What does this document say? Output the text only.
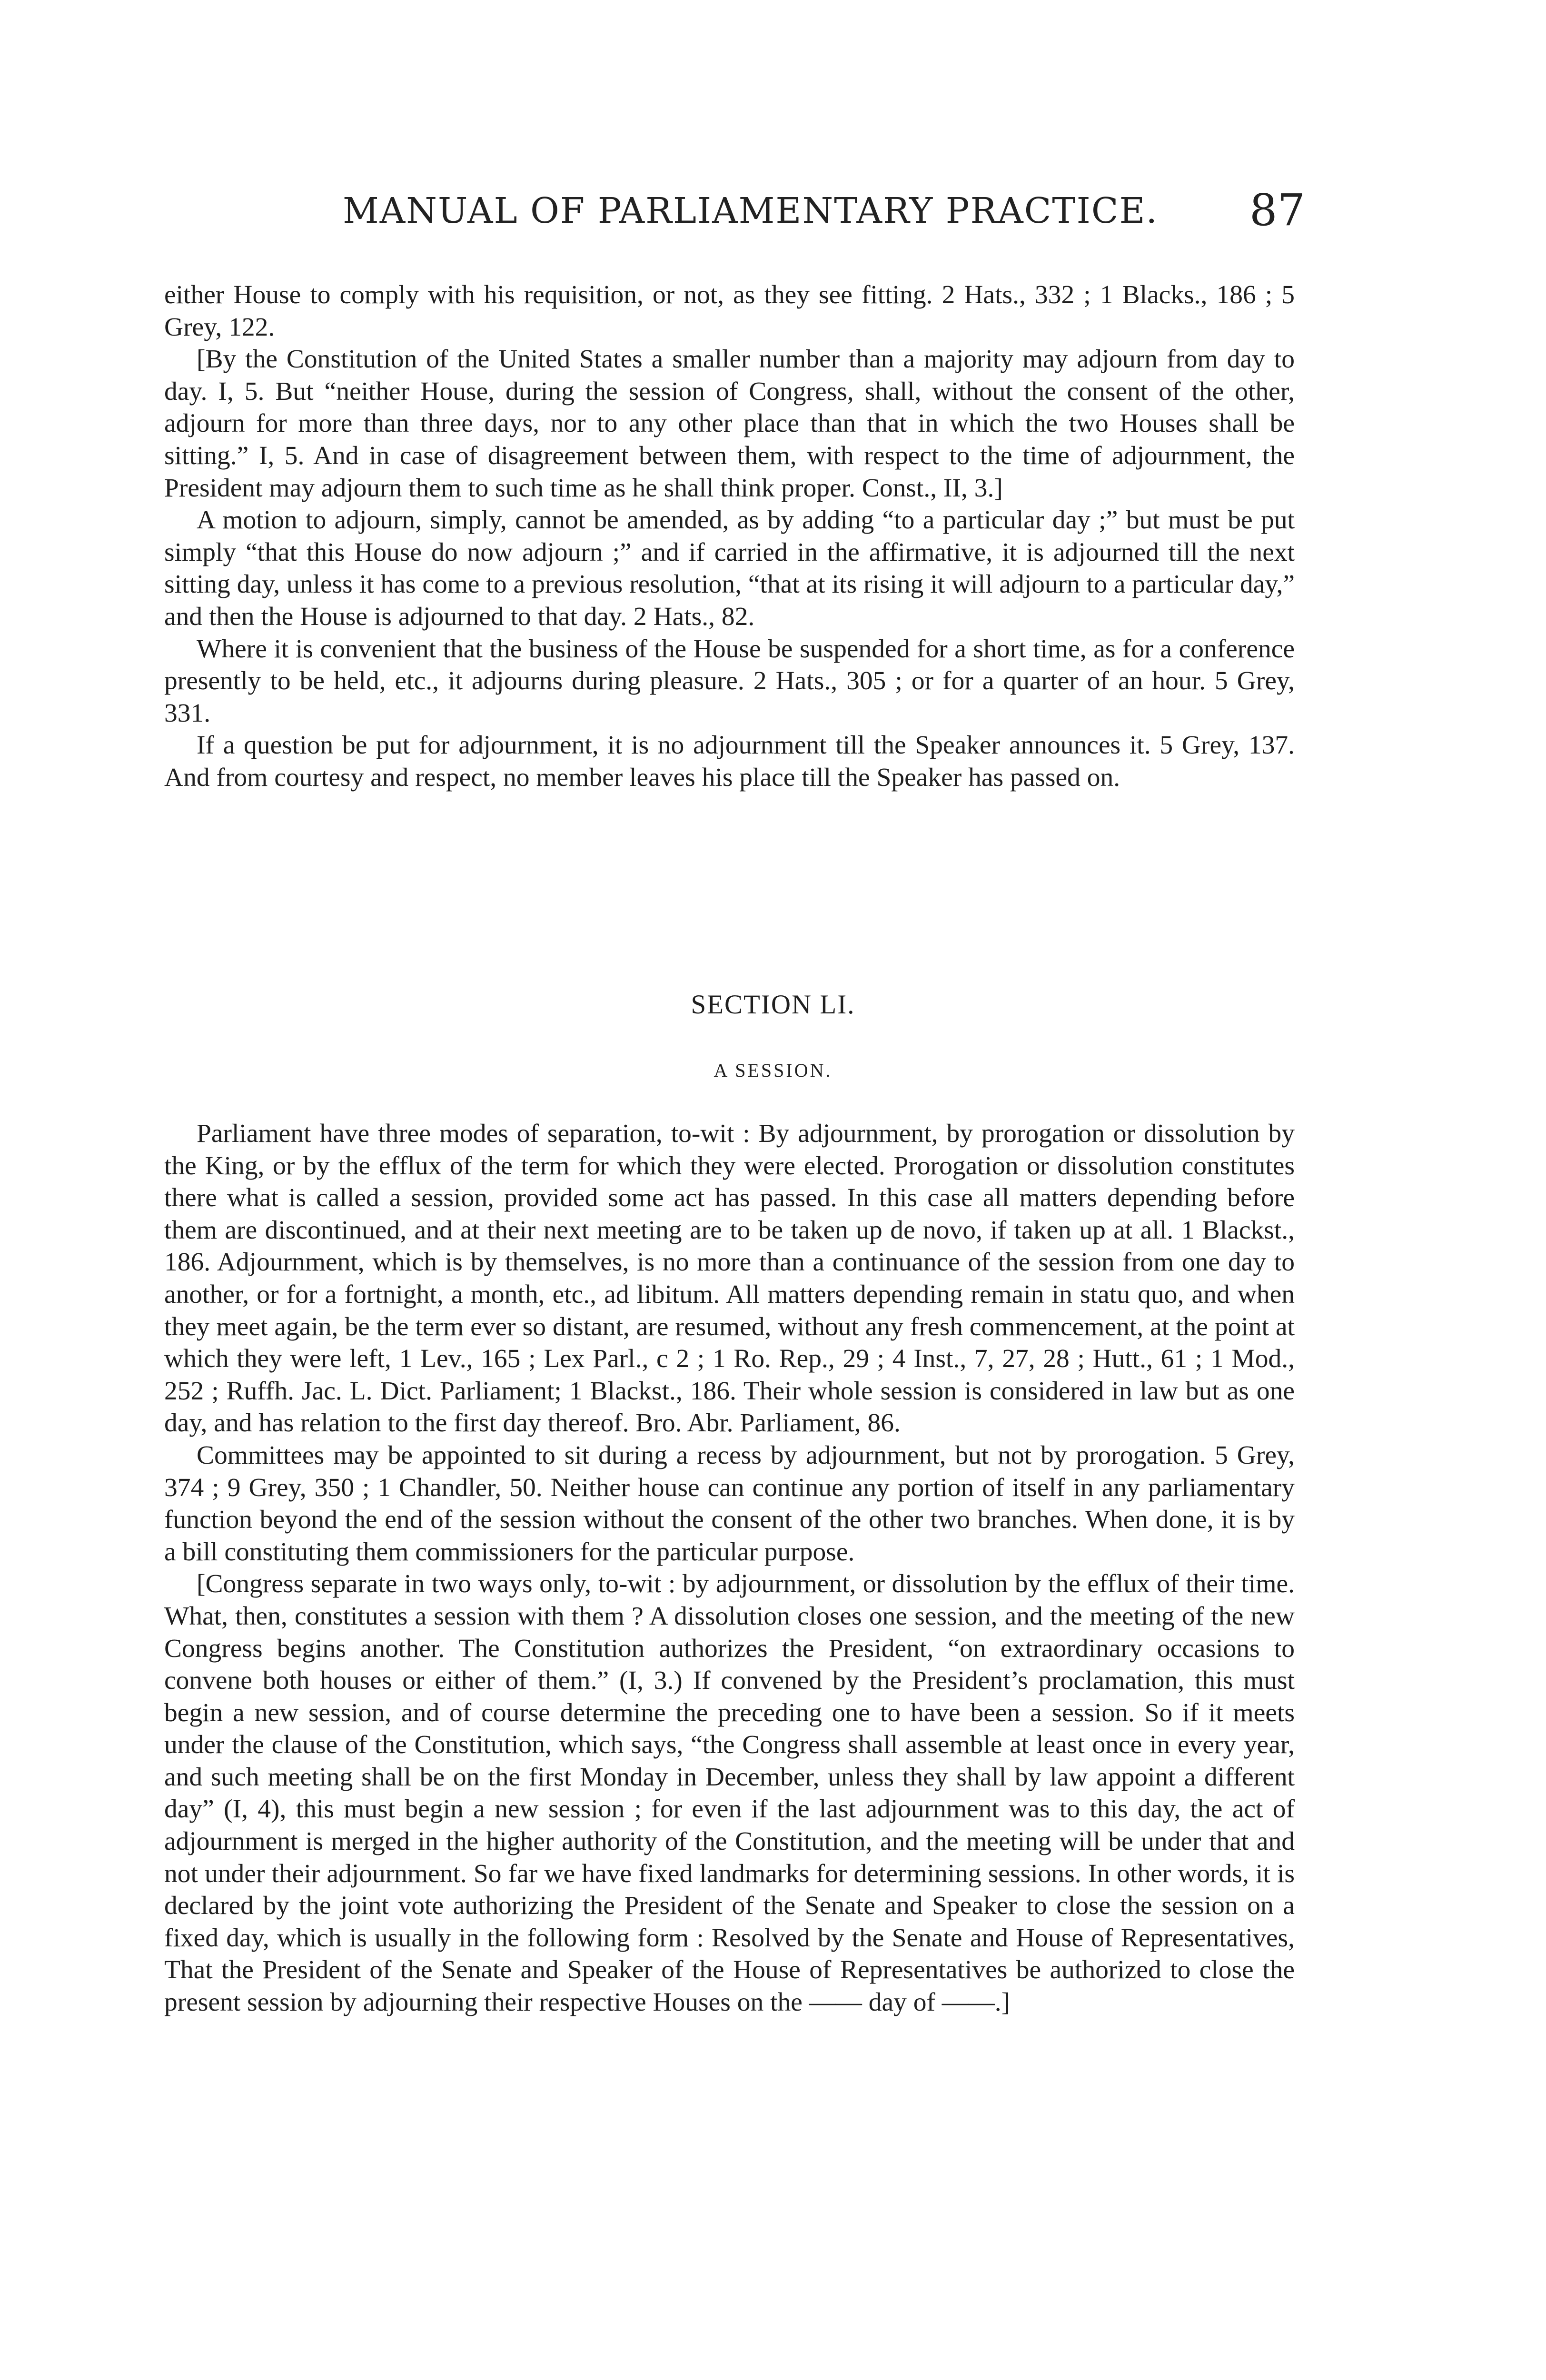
MANUAL OF PARLIAMENTARY PRACTICE. 87

either House to comply with his requisition, or not, as they see fitting. 2 Hats., 332 ; 1 Blacks., 186 ; 5 Grey, 122.

[By the Constitution of the United States a smaller number than a majority may adjourn from day to day. I, 5. But “neither House, during the session of Congress, shall, without the consent of the other, adjourn for more than three days, nor to any other place than that in which the two Houses shall be sitting.” I, 5. And in case of disagreement between them, with respect to the time of adjournment, the President may adjourn them to such time as he shall think proper. Const., II, 3.]

A motion to adjourn, simply, cannot be amended, as by adding “to a particular day ;” but must be put simply “that this House do now adjourn ;” and if carried in the affirmative, it is adjourned till the next sitting day, unless it has come to a previous resolution, “that at its rising it will adjourn to a particular day,” and then the House is adjourned to that day. 2 Hats., 82.

Where it is convenient that the business of the House be suspended for a short time, as for a conference presently to be held, etc., it adjourns during pleasure. 2 Hats., 305 ; or for a quarter of an hour. 5 Grey, 331.

If a question be put for adjournment, it is no adjournment till the Speaker announces it. 5 Grey, 137. And from courtesy and respect, no member leaves his place till the Speaker has passed on.

SECTION LI.
A SESSION.

Parliament have three modes of separation, to-wit : By adjournment, by prorogation or dissolution by the King, or by the efflux of the term for which they were elected. Prorogation or dissolution constitutes there what is called a session, provided some act has passed. In this case all matters depending before them are discontinued, and at their next meeting are to be taken up de novo, if taken up at all. 1 Blackst., 186. Adjournment, which is by themselves, is no more than a continuance of the session from one day to another, or for a fortnight, a month, etc., ad libitum. All matters depending remain in statu quo, and when they meet again, be the term ever so distant, are resumed, without any fresh commencement, at the point at which they were left, 1 Lev., 165 ; Lex Parl., c 2 ; 1 Ro. Rep., 29 ; 4 Inst., 7, 27, 28 ; Hutt., 61 ; 1 Mod., 252 ; Ruffh. Jac. L. Dict. Parliament; 1 Blackst., 186. Their whole session is considered in law but as one day, and has relation to the first day thereof. Bro. Abr. Parliament, 86.

Committees may be appointed to sit during a recess by adjournment, but not by prorogation. 5 Grey, 374 ; 9 Grey, 350 ; 1 Chandler, 50. Neither house can continue any portion of itself in any parliamentary function beyond the end of the session without the consent of the other two branches. When done, it is by a bill constituting them commissioners for the particular purpose.

[Congress separate in two ways only, to-wit : by adjournment, or dissolution by the efflux of their time. What, then, constitutes a session with them ? A dissolution closes one session, and the meeting of the new Congress begins another. The Constitution authorizes the President, “on extraordinary occasions to convene both houses or either of them.” (I, 3.) If convened by the President’s proclamation, this must begin a new session, and of course determine the preceding one to have been a session. So if it meets under the clause of the Constitution, which says, “the Congress shall assemble at least once in every year, and such meeting shall be on the first Monday in December, unless they shall by law appoint a different day” (I, 4), this must begin a new session ; for even if the last adjournment was to this day, the act of adjournment is merged in the higher authority of the Constitution, and the meeting will be under that and not under their adjournment. So far we have fixed landmarks for determining sessions. In other words, it is declared by the joint vote authorizing the President of the Senate and Speaker to close the session on a fixed day, which is usually in the following form : Resolved by the Senate and House of Representatives, That the President of the Senate and Speaker of the House of Representatives be authorized to close the present session by adjourning their respective Houses on the —— day of ——.]
